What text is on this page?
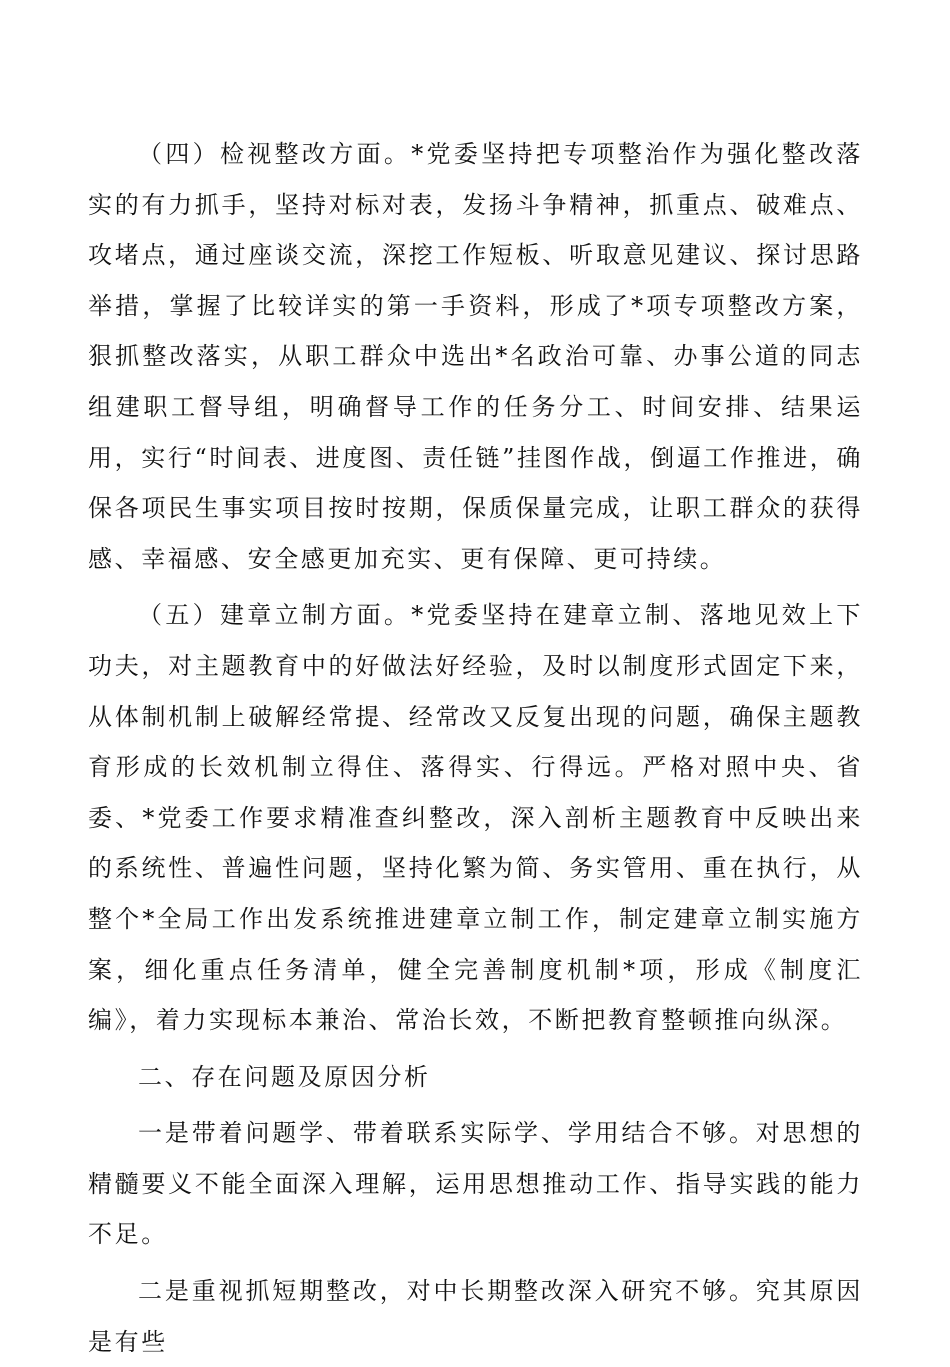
（四）检视整改方面。*党委坚持把专项整治作为强化整改落实的有力抓手，坚持对标对表，发扬斗争精神，抓重点、破难点、攻堵点，通过座谈交流，深挖工作短板、听取意见建议、探讨思路举措，掌握了比较详实的第一手资料，形成了*项专项整改方案，狠抓整改落实，从职工群众中选出*名政治可靠、办事公道的同志组建职工督导组，明确督导工作的任务分工、时间安排、结果运用，实行“时间表、进度图、责任链”挂图作战，倒逼工作推进，确保各项民生事实项目按时按期，保质保量完成，让职工群众的获得感、幸福感、安全感更加充实、更有保障、更可持续。

（五）建章立制方面。*党委坚持在建章立制、落地见效上下功夫，对主题教育中的好做法好经验，及时以制度形式固定下来，从体制机制上破解经常提、经常改又反复出现的问题，确保主题教育形成的长效机制立得住、落得实、行得远。严格对照中央、省委、*党委工作要求精准查纠整改，深入剖析主题教育中反映出来的系统性、普遍性问题，坚持化繁为简、务实管用、重在执行，从整个*全局工作出发系统推进建章立制工作，制定建章立制实施方案，细化重点任务清单，健全完善制度机制*项，形成《制度汇编》，着力实现标本兼治、常治长效，不断把教育整顿推向纵深。

二、存在问题及原因分析

一是带着问题学、带着联系实际学、学用结合不够。对思想的精髓要义不能全面深入理解，运用思想推动工作、指导实践的能力不足。

二是重视抓短期整改，对中长期整改深入研究不够。究其原因是有些
